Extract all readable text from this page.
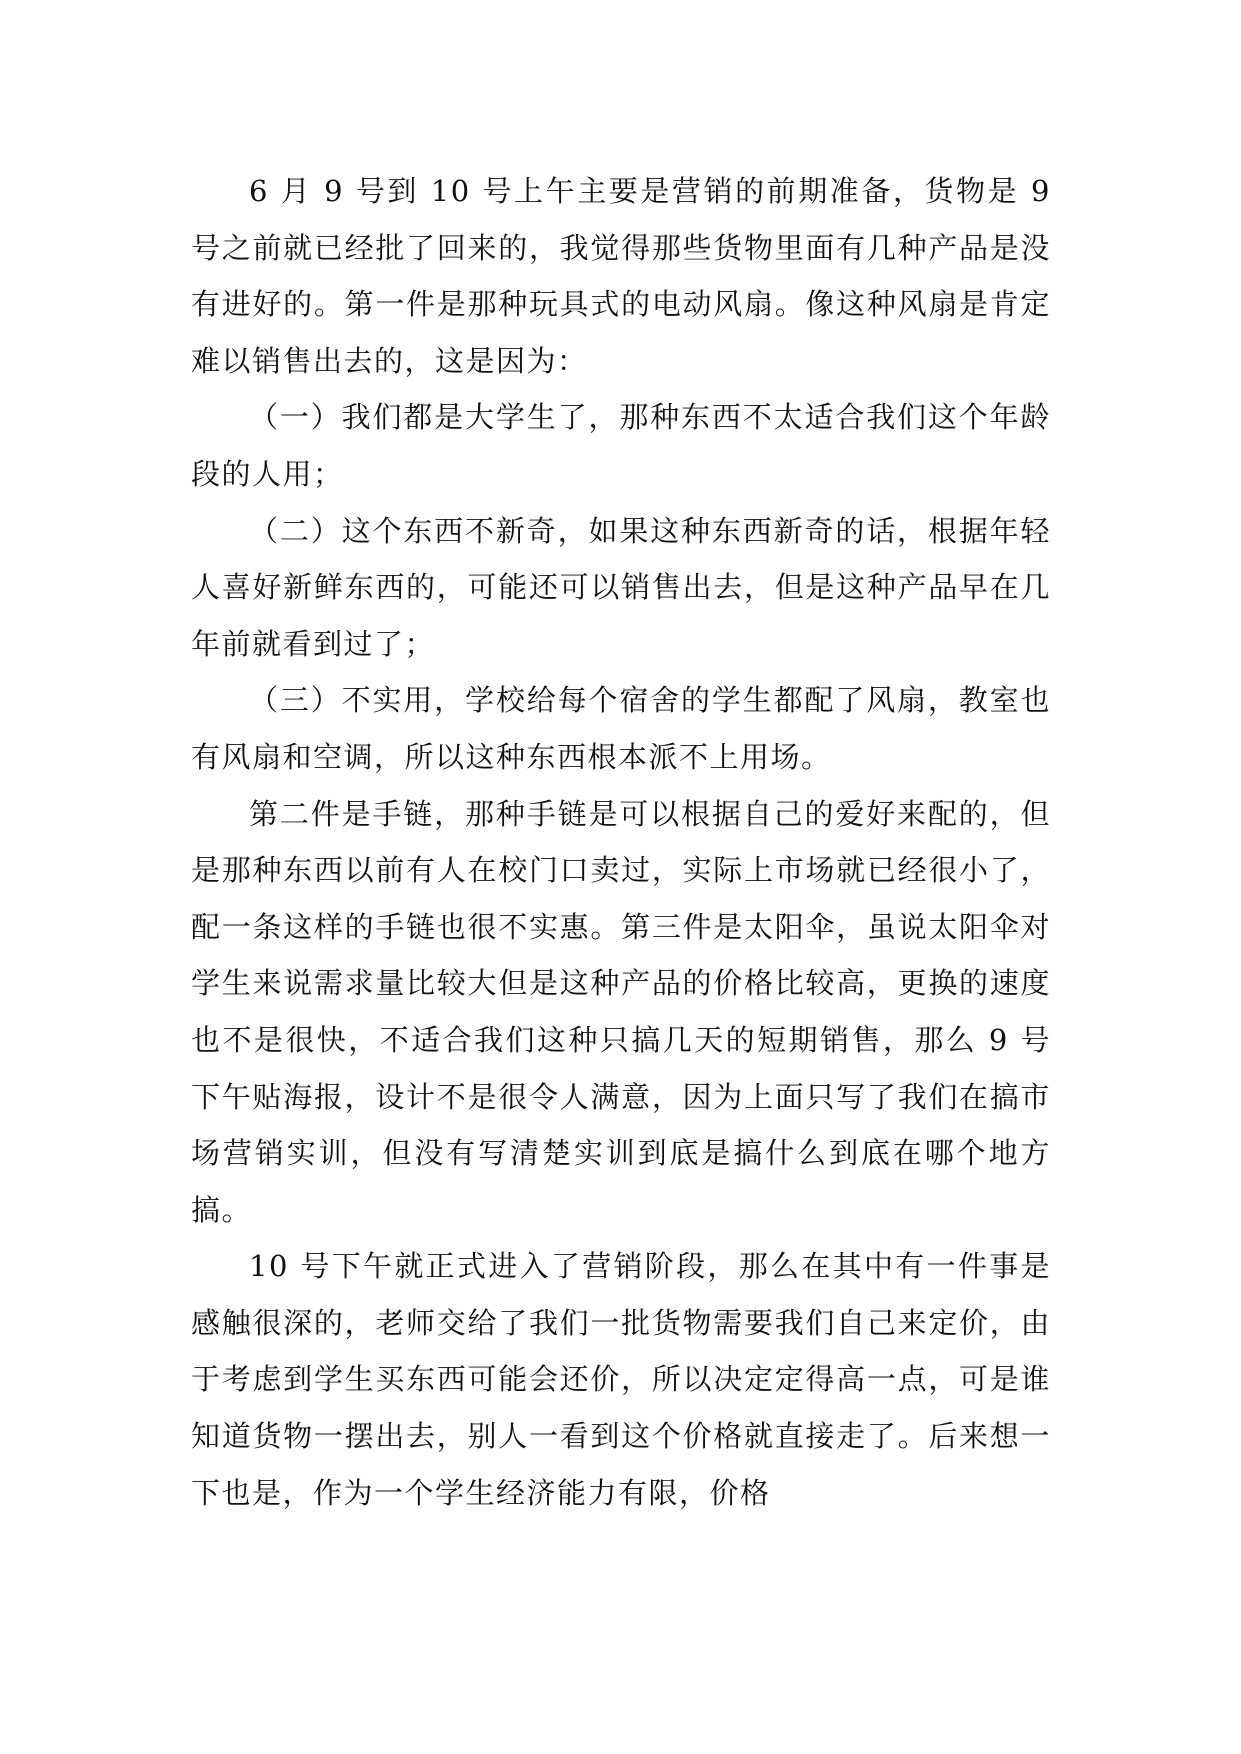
6 月 9 号到 10 号上午主要是营销的前期准备，货物是 9 号之前就已经批了回来的，我觉得那些货物里面有几种产品是没有进好的。第一件是那种玩具式的电动风扇。像这种风扇是肯定难以销售出去的，这是因为：

（一）我们都是大学生了，那种东西不太适合我们这个年龄段的人用；

（二）这个东西不新奇，如果这种东西新奇的话，根据年轻人喜好新鲜东西的，可能还可以销售出去，但是这种产品早在几年前就看到过了；

（三）不实用，学校给每个宿舍的学生都配了风扇，教室也有风扇和空调，所以这种东西根本派不上用场。

第二件是手链，那种手链是可以根据自己的爱好来配的，但是那种东西以前有人在校门口卖过，实际上市场就已经很小了，配一条这样的手链也很不实惠。第三件是太阳伞，虽说太阳伞对学生来说需求量比较大但是这种产品的价格比较高，更换的速度也不是很快，不适合我们这种只搞几天的短期销售，那么 9 号下午贴海报，设计不是很令人满意，因为上面只写了我们在搞市场营销实训，但没有写清楚实训到底是搞什么到底在哪个地方搞。

10 号下午就正式进入了营销阶段，那么在其中有一件事是感触很深的，老师交给了我们一批货物需要我们自己来定价，由于考虑到学生买东西可能会还价，所以决定定得高一点，可是谁知道货物一摆出去，别人一看到这个价格就直接走了。后来想一下也是，作为一个学生经济能力有限，价格
